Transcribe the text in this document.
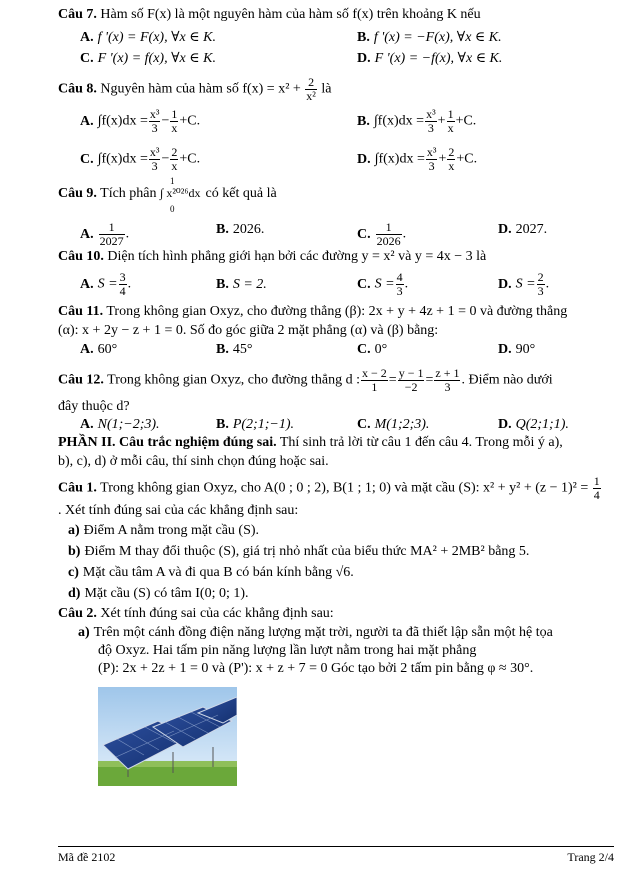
Câu 7. Hàm số F(x) là một nguyên hàm của hàm số f(x) trên khoảng K nếu
A. f '(x) = F(x), ∀x ∈ K.	B. f '(x) = −F(x), ∀x ∈ K.
C. F '(x) = f(x), ∀x ∈ K.	D. F '(x) = −f(x), ∀x ∈ K.
Câu 8. Nguyên hàm của hàm số $f(x) = x^2 + \frac{2}{\text{x²}}$ là
A. $\int f(x)dx = \frac{\text{x³}}{3} - \frac{1}{x} +C$.	B. $\int f(x)dx = \frac{\text{x³}}{3} + \frac{1}{x} +C$.
C. $\int f(x)dx = \frac{\text{x³}}{3} - \frac{2}{x} +C$.	D. $\int f(x)dx = \frac{\text{x³}}{3} + \frac{2}{x} +C$.
Câu 9. Tích phân
1
∫ x²⁰²⁶dx
0
có kết quả là
A. $\frac{1}{2027}$ .	B. 2026.	C. $\frac{1}{2026}$ .	D. 2027.
Câu 10. Diện tích hình phẳng giới hạn bởi các đường y = x² và y = 4x − 3 là
A. $S = \frac{3}{4}$ .	B. S = 2.	C. $S = \frac{4}{3}$ .	D. $S = \frac{2}{3}$ .
Câu 11. Trong không gian Oxyz, cho đường thẳng (β): 2x + y + 4z + 1 = 0 và đường thẳng
(α): x + 2y − z + 1 = 0. Số đo góc giữa 2 mặt phẳng (α) và (β) bằng:
A. 60°	B. 45°	C. 0°	D. 90°
Câu 12. Trong không gian Oxyz, cho đường thẳng d : $\frac{x - 2}{1} = \frac{y - 1}{-2} = \frac{z + 1}{3}$ . Điểm nào dưới
đây thuộc d?
A. N(1;−2;3).	B. P(2;1;−1).	C. M(1;2;3).	D. Q(2;1;1).
PHẦN II. Câu trắc nghiệm đúng sai. Thí sinh trả lời từ câu 1 đến câu 4. Trong mỗi ý a),
b), c), d) ở mỗi câu, thí sinh chọn đúng hoặc sai.
Câu 1. Trong không gian Oxyz, cho A(0 ; 0 ; 2), B(1 ; 1; 0) và mặt cầu (S): $x^2 + y^2 + (z - 1)^2 = \frac{1}{4}$
. Xét tính đúng sai của các khẳng định sau:
a) Điểm A nằm trong mặt cầu (S).
b) Điểm M thay đổi thuộc (S), giá trị nhỏ nhất của biểu thức MA² + 2MB² bằng 5.
c) Mặt cầu tâm A và đi qua B có bán kính bằng √6.
d) Mặt cầu (S) có tâm I(0; 0; 1).
Câu 2. Xét tính đúng sai của các khẳng định sau:
a) Trên một cánh đồng điện năng lượng mặt trời, người ta đã thiết lập sẵn một hệ tọa
độ Oxyz. Hai tấm pin năng lượng lần lượt nằm trong hai mặt phẳng
(P): 2x + 2z + 1 = 0 và (P'): x + z + 7 = 0 Góc tạo bởi 2 tấm pin bằng φ ≈ 30°.
Mã đề 2102	Trang 2/4
